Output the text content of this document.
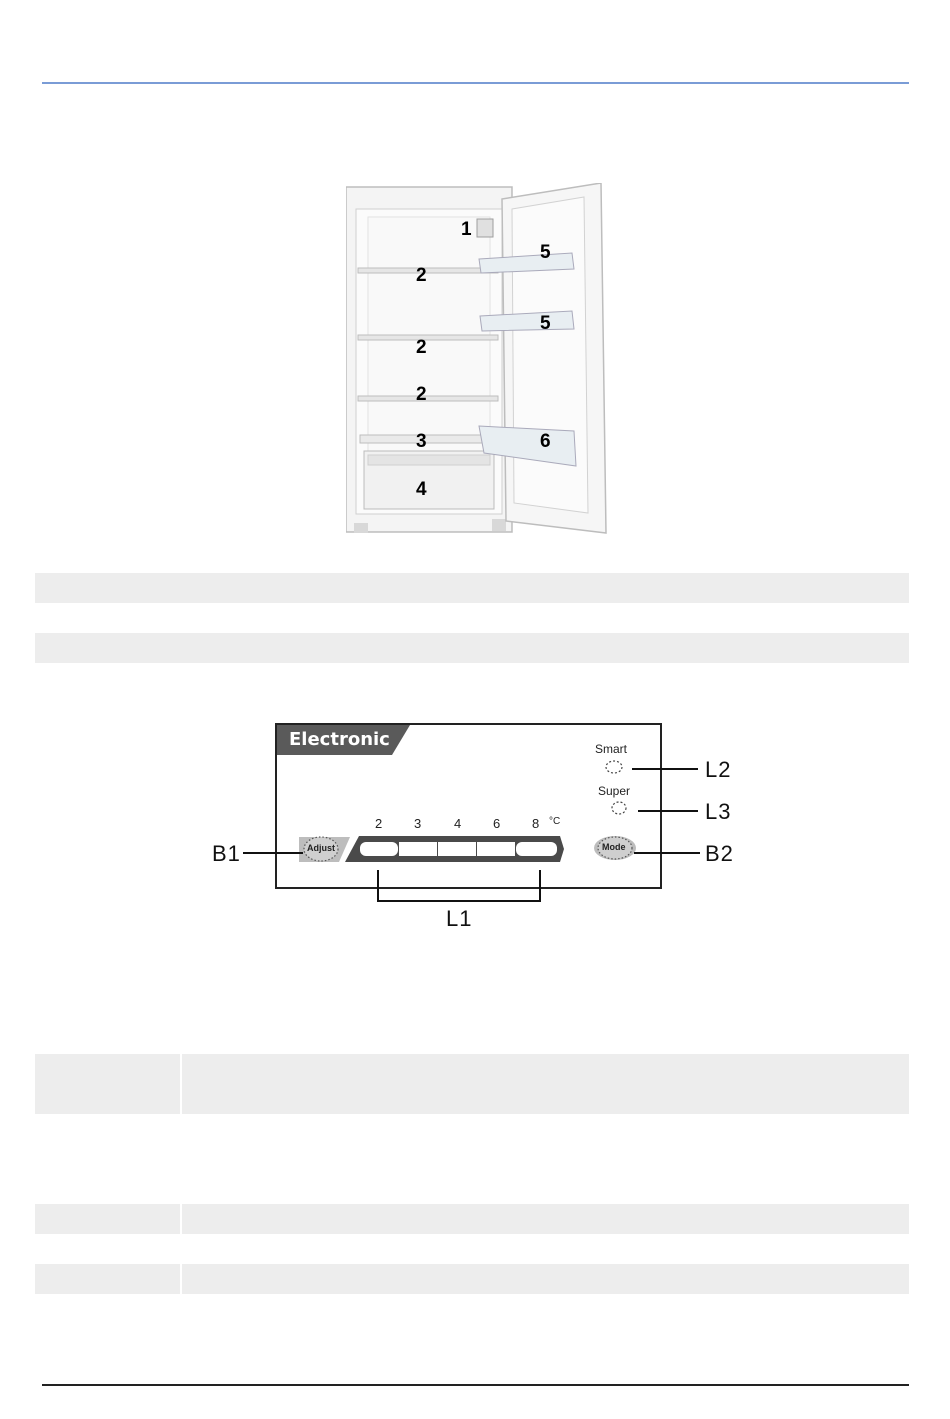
1
2
2
2
3
4
5
5
6
Electronic
2 3	4 6 8 °C
Smart
Super
Adjust	Mode
B1	B2
L2
L3
L1
